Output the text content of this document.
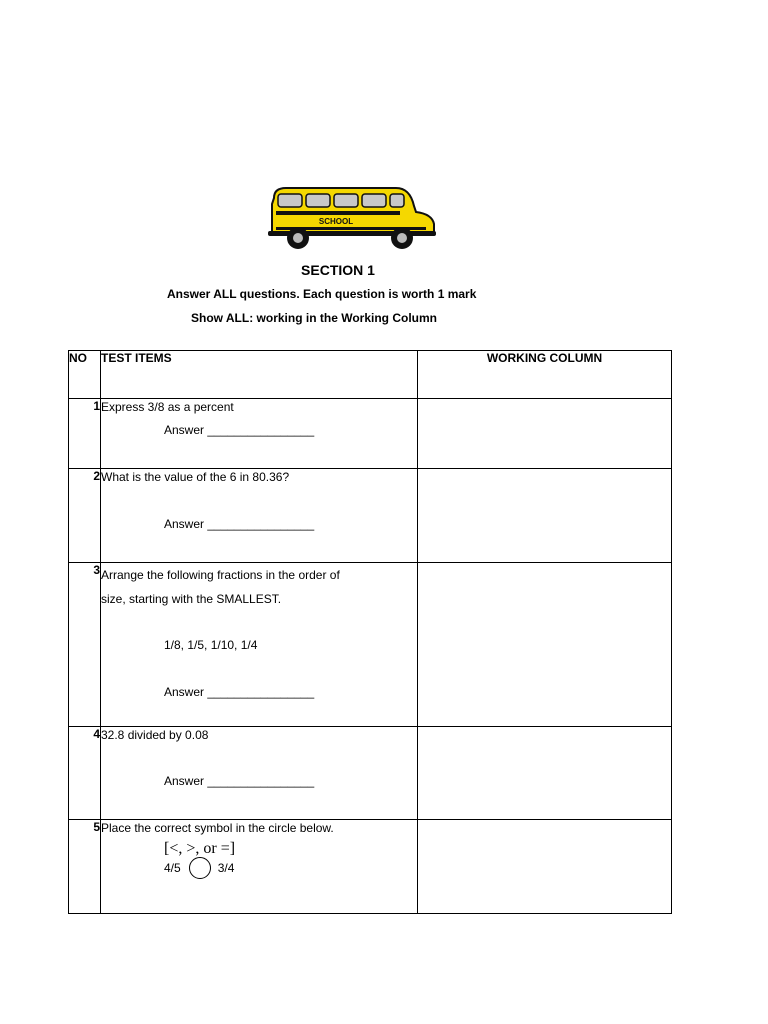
SCHOOL
SECTION 1
Answer ALL questions. Each question is worth 1 mark
Show ALL: working in the Working Column
NO	TEST ITEMS	WORKING COLUMN
1	Express 3/8 as a percent
Answer ________________	

2	What is the value of the 6 in 80.36?
Answer ________________	

3	Arrange the following fractions in the order of
size, starting with the SMALLEST.
1/8, 1/5, 1/10, 1/4
Answer ________________	

4	32.8 divided by 0.08
Answer ________________	

5	Place the correct symbol in the circle below.
[<, >, or =]
4/5 3/4	
